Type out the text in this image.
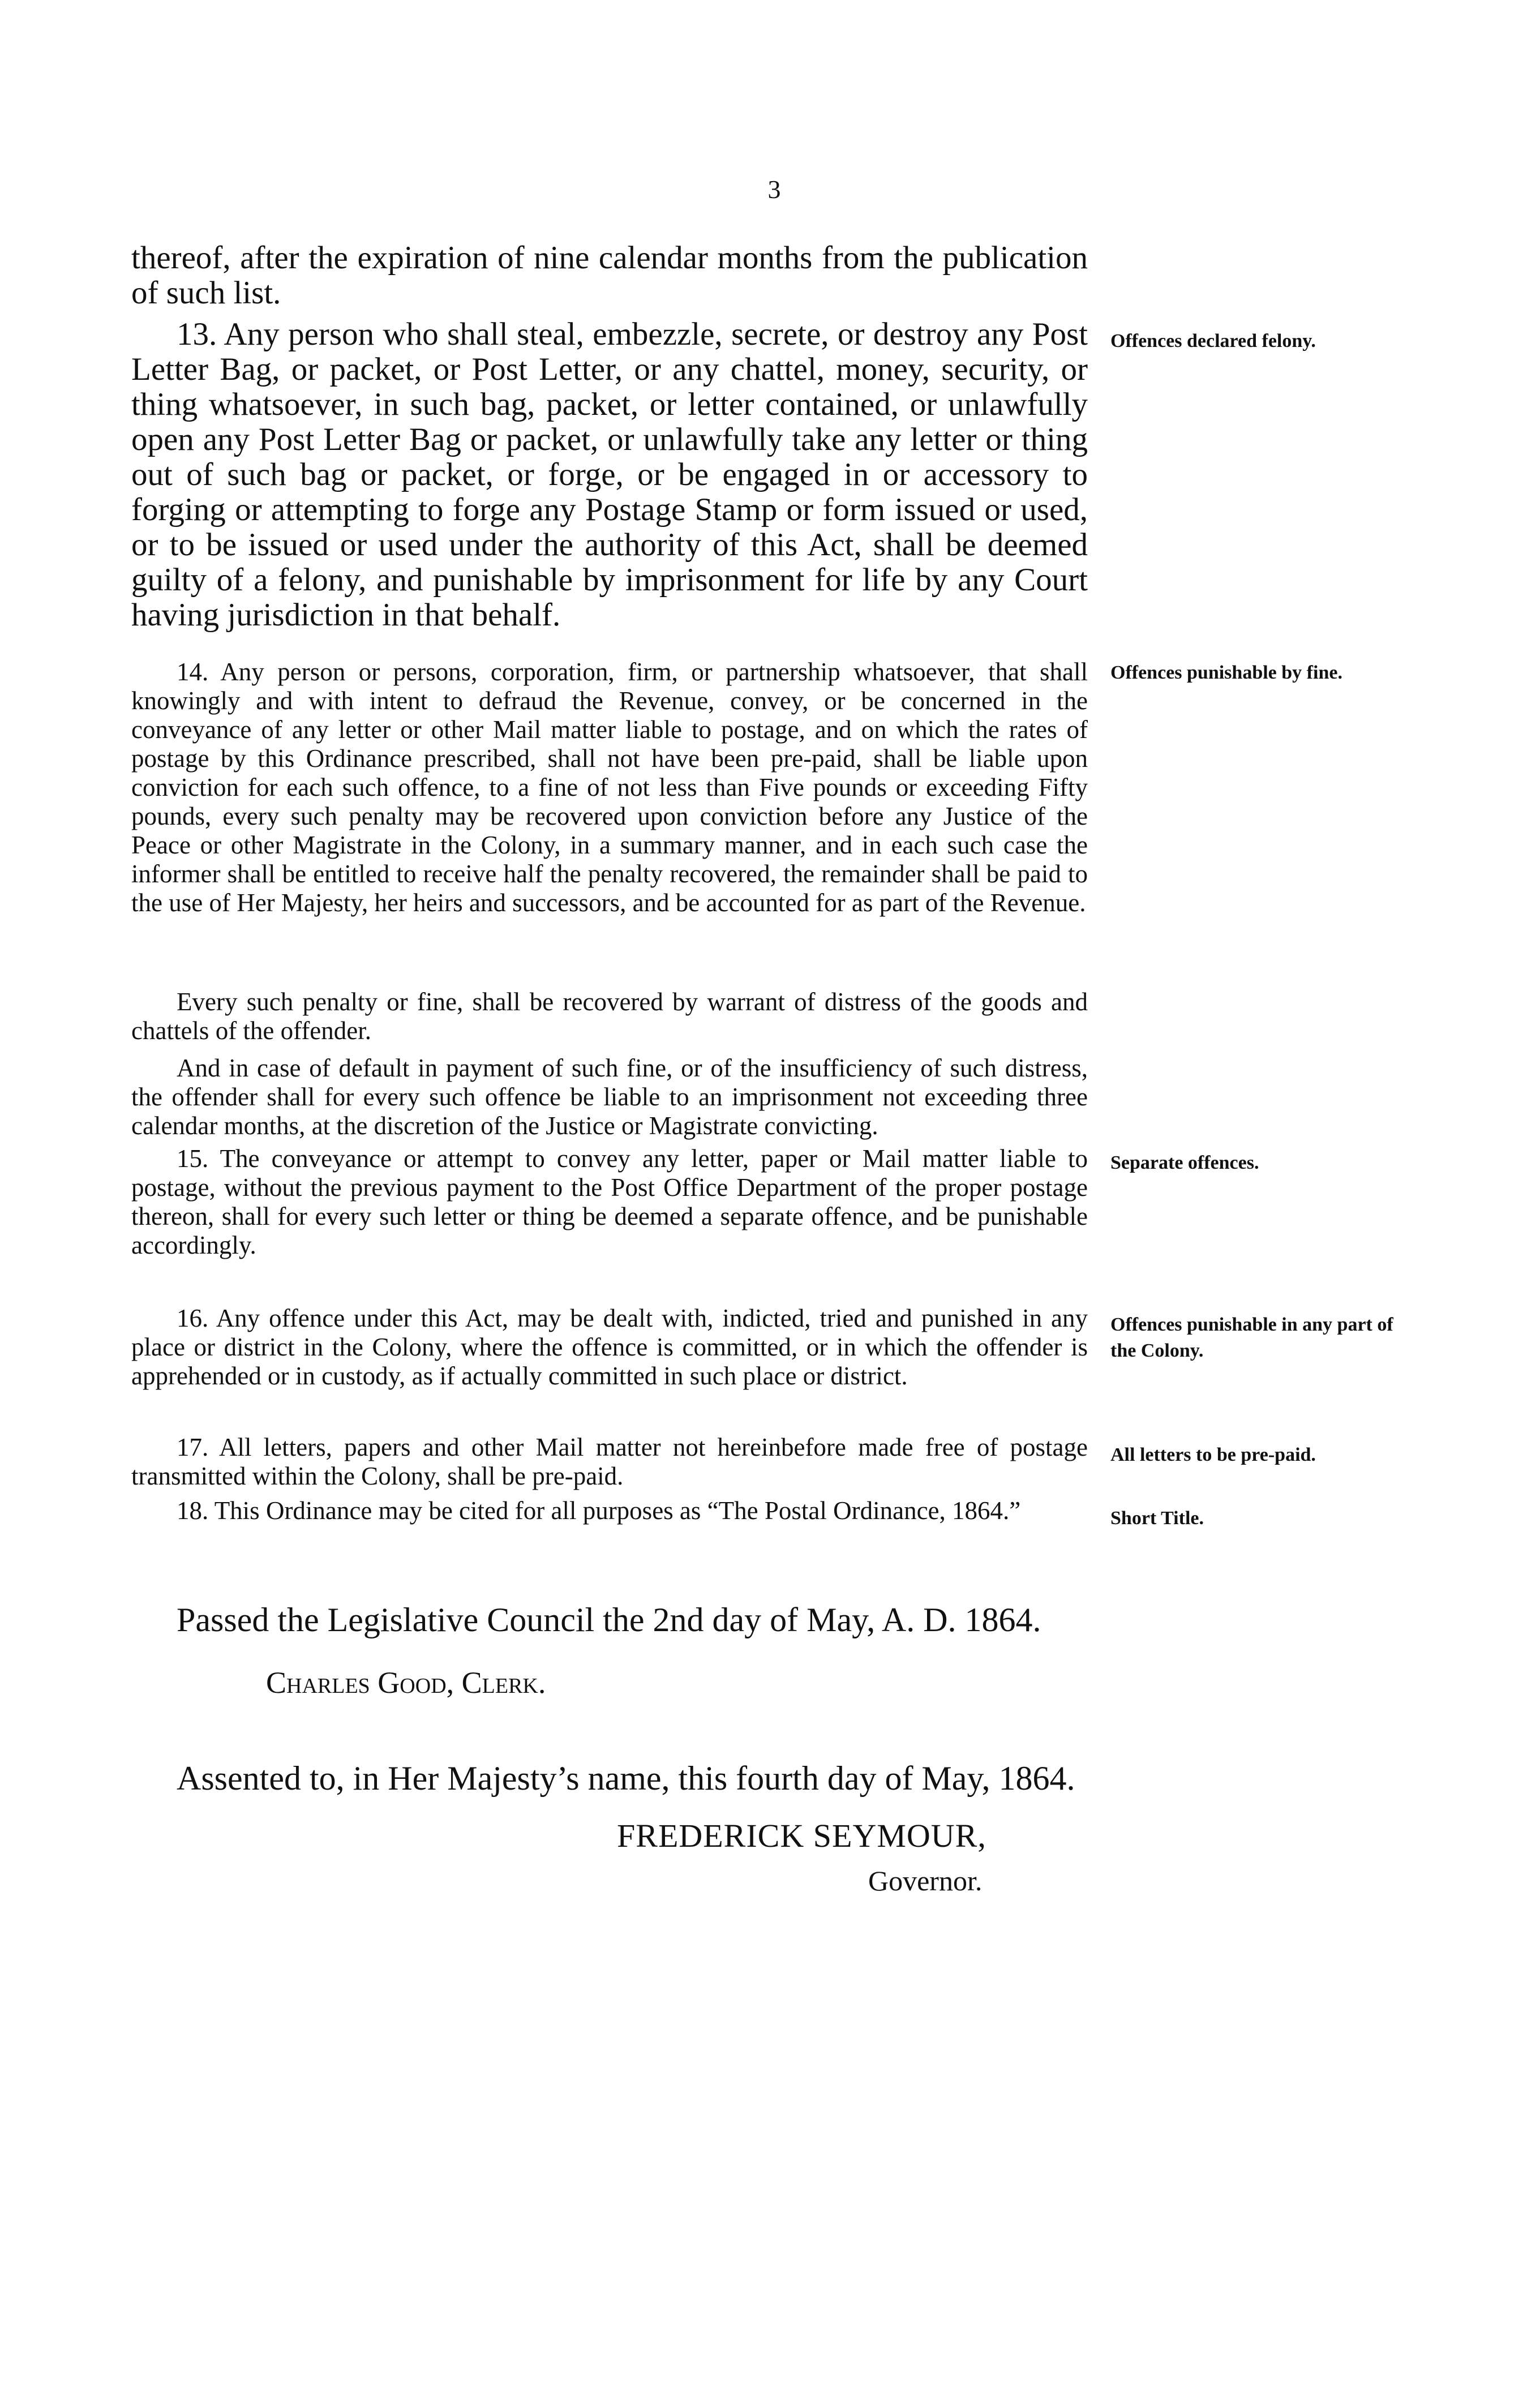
3

thereof, after the expiration of nine calendar months from the publication of such list.

13. Any person who shall steal, embezzle, secrete, or destroy any Post Letter Bag, or packet, or Post Letter, or any chattel, money, security, or thing whatsoever, in such bag, packet, or letter contained, or unlawfully open any Post Letter Bag or packet, or unlawfully take any letter or thing out of such bag or packet, or forge, or be engaged in or accessory to forging or attempting to forge any Postage Stamp or form issued or used, or to be issued or used under the authority of this Act, shall be deemed guilty of a felony, and punishable by imprisonment for life by any Court having jurisdiction in that behalf.

Offences declared felony.

14. Any person or persons, corporation, firm, or partnership whatsoever, that shall knowingly and with intent to defraud the Revenue, convey, or be concerned in the conveyance of any letter or other Mail matter liable to postage, and on which the rates of postage by this Ordinance prescribed, shall not have been pre-paid, shall be liable upon conviction for each such offence, to a fine of not less than Five pounds or exceeding Fifty pounds, every such penalty may be recovered upon conviction before any Justice of the Peace or other Magistrate in the Colony, in a summary manner, and in each such case the informer shall be entitled to receive half the penalty recovered, the remainder shall be paid to the use of Her Majesty, her heirs and successors, and be accounted for as part of the Revenue.

Offences punishable by fine.

Every such penalty or fine, shall be recovered by warrant of distress of the goods and chattels of the offender.

And in case of default in payment of such fine, or of the insufficiency of such distress, the offender shall for every such offence be liable to an imprisonment not exceeding three calendar months, at the discretion of the Justice or Magistrate convicting.

15. The conveyance or attempt to convey any letter, paper or Mail matter liable to postage, without the previous payment to the Post Office Department of the proper postage thereon, shall for every such letter or thing be deemed a separate offence, and be punishable accordingly.

Separate offences.

16. Any offence under this Act, may be dealt with, indicted, tried and punished in any place or district in the Colony, where the offence is committed, or in which the offender is apprehended or in custody, as if actually committed in such place or district.

Offences punishable in any part of the Colony.

17. All letters, papers and other Mail matter not hereinbefore made free of postage transmitted within the Colony, shall be pre-paid.

All letters to be pre-paid.

18. This Ordinance may be cited for all purposes as “The Postal Ordinance, 1864.”	Short Title.
Passed the Legislative Council the 2nd day of May, A. D. 1864.
Charles Good, Clerk.
Assented to, in Her Majesty’s name, this fourth day of May, 1864.
FREDERICK SEYMOUR,
Governor.
